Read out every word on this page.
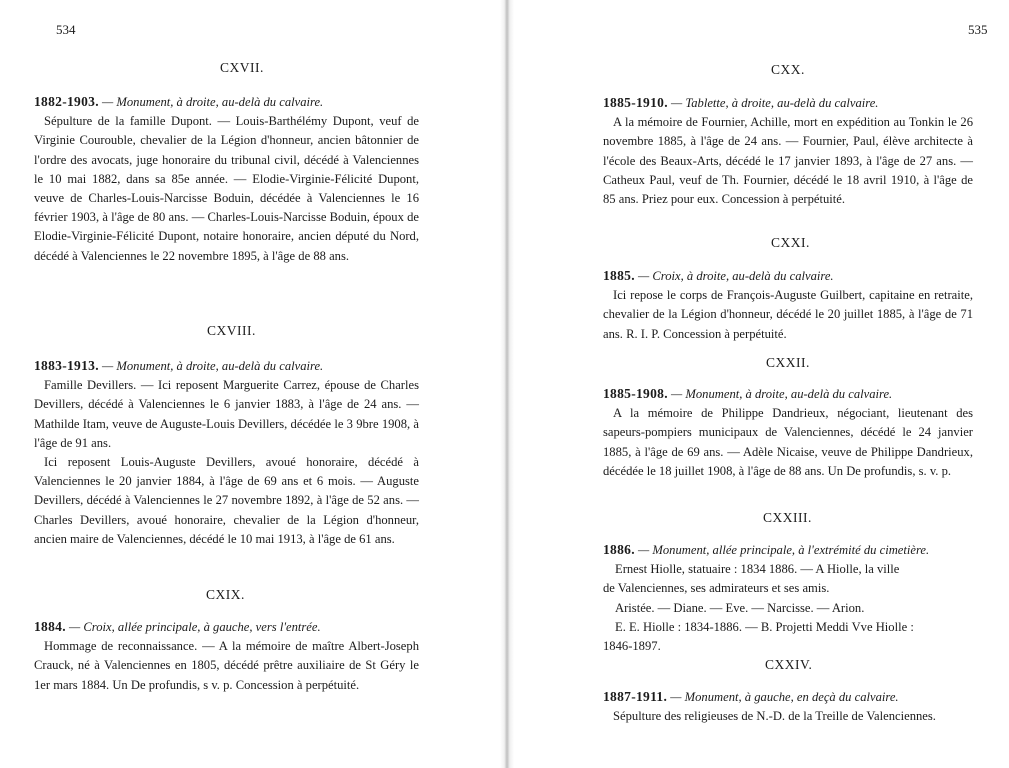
534
CXVII.
1882-1903. — Monument, à droite, au-delà du calvaire.

Sépulture de la famille Dupont. — Louis-Barthélémy Dupont, veuf de Virginie Courouble, chevalier de la Légion d'honneur, ancien bâtonnier de l'ordre des avocats, juge honoraire du tribunal civil, décédé à Valenciennes le 10 mai 1882, dans sa 85e année. — Elodie-Virginie-Félicité Dupont, veuve de Charles-Louis-Narcisse Boduin, décédée à Valenciennes le 16 février 1903, à l'âge de 80 ans. — Charles-Louis-Narcisse Boduin, époux de Elodie-Virginie-Félicité Dupont, notaire honoraire, ancien député du Nord, décédé à Valenciennes le 22 novembre 1895, à l'âge de 88 ans.

CXVIII.
1883-1913. — Monument, à droite, au-delà du calvaire.

Famille Devillers. — Ici reposent Marguerite Carrez, épouse de Charles Devillers, décédé à Valenciennes le 6 janvier 1883, à l'âge de 24 ans. — Mathilde Itam, veuve de Auguste-Louis Devillers, décédée le 3 9bre 1908, à l'âge de 91 ans.

Ici reposent Louis-Auguste Devillers, avoué honoraire, décédé à Valenciennes le 20 janvier 1884, à l'âge de 69 ans et 6 mois. — Auguste Devillers, décédé à Valenciennes le 27 novembre 1892, à l'âge de 52 ans. — Charles Devillers, avoué honoraire, chevalier de la Légion d'honneur, ancien maire de Valenciennes, décédé le 10 mai 1913, à l'âge de 61 ans.

CXIX.
1884. — Croix, allée principale, à gauche, vers l'entrée.

Hommage de reconnaissance. — A la mémoire de maître Albert-Joseph Crauck, né à Valenciennes en 1805, décédé prêtre auxiliaire de St Géry le 1er mars 1884. Un De profundis, s v. p. Concession à perpétuité.

535
CXX.
1885-1910. — Tablette, à droite, au-delà du calvaire.

A la mémoire de Fournier, Achille, mort en expédition au Tonkin le 26 novembre 1885, à l'âge de 24 ans. — Fournier, Paul, élève architecte à l'école des Beaux-Arts, décédé le 17 janvier 1893, à l'âge de 27 ans. — Catheux Paul, veuf de Th. Fournier, décédé le 18 avril 1910, à l'âge de 85 ans. Priez pour eux. Concession à perpétuité.

CXXI.
1885. — Croix, à droite, au-delà du calvaire.

Ici repose le corps de François-Auguste Guilbert, capitaine en retraite, chevalier de la Légion d'honneur, décédé le 20 juillet 1885, à l'âge de 71 ans. R. I. P. Concession à perpétuité.

CXXII.
1885-1908. — Monument, à droite, au-delà du calvaire.

A la mémoire de Philippe Dandrieux, négociant, lieutenant des sapeurs-pompiers municipaux de Valenciennes, décédé le 24 janvier 1885, à l'âge de 69 ans. — Adèle Nicaise, veuve de Philippe Dandrieux, décédée le 18 juillet 1908, à l'âge de 88 ans. Un De profundis, s. v. p.

CXXIII.
1886. — Monument, allée principale, à l'extrémité du cimetière.
Ernest Hiolle, statuaire : 1834 1886. — A Hiolle, la ville
de Valenciennes, ses admirateurs et ses amis.
Aristée. — Diane. — Eve. — Narcisse. — Arion.
E. E. Hiolle : 1834-1886. — B. Projetti Meddi Vve Hiolle :
1846-1897.
CXXIV.
1887-1911. — Monument, à gauche, en deçà du calvaire.

Sépulture des religieuses de N.-D. de la Treille de Valenciennes.
